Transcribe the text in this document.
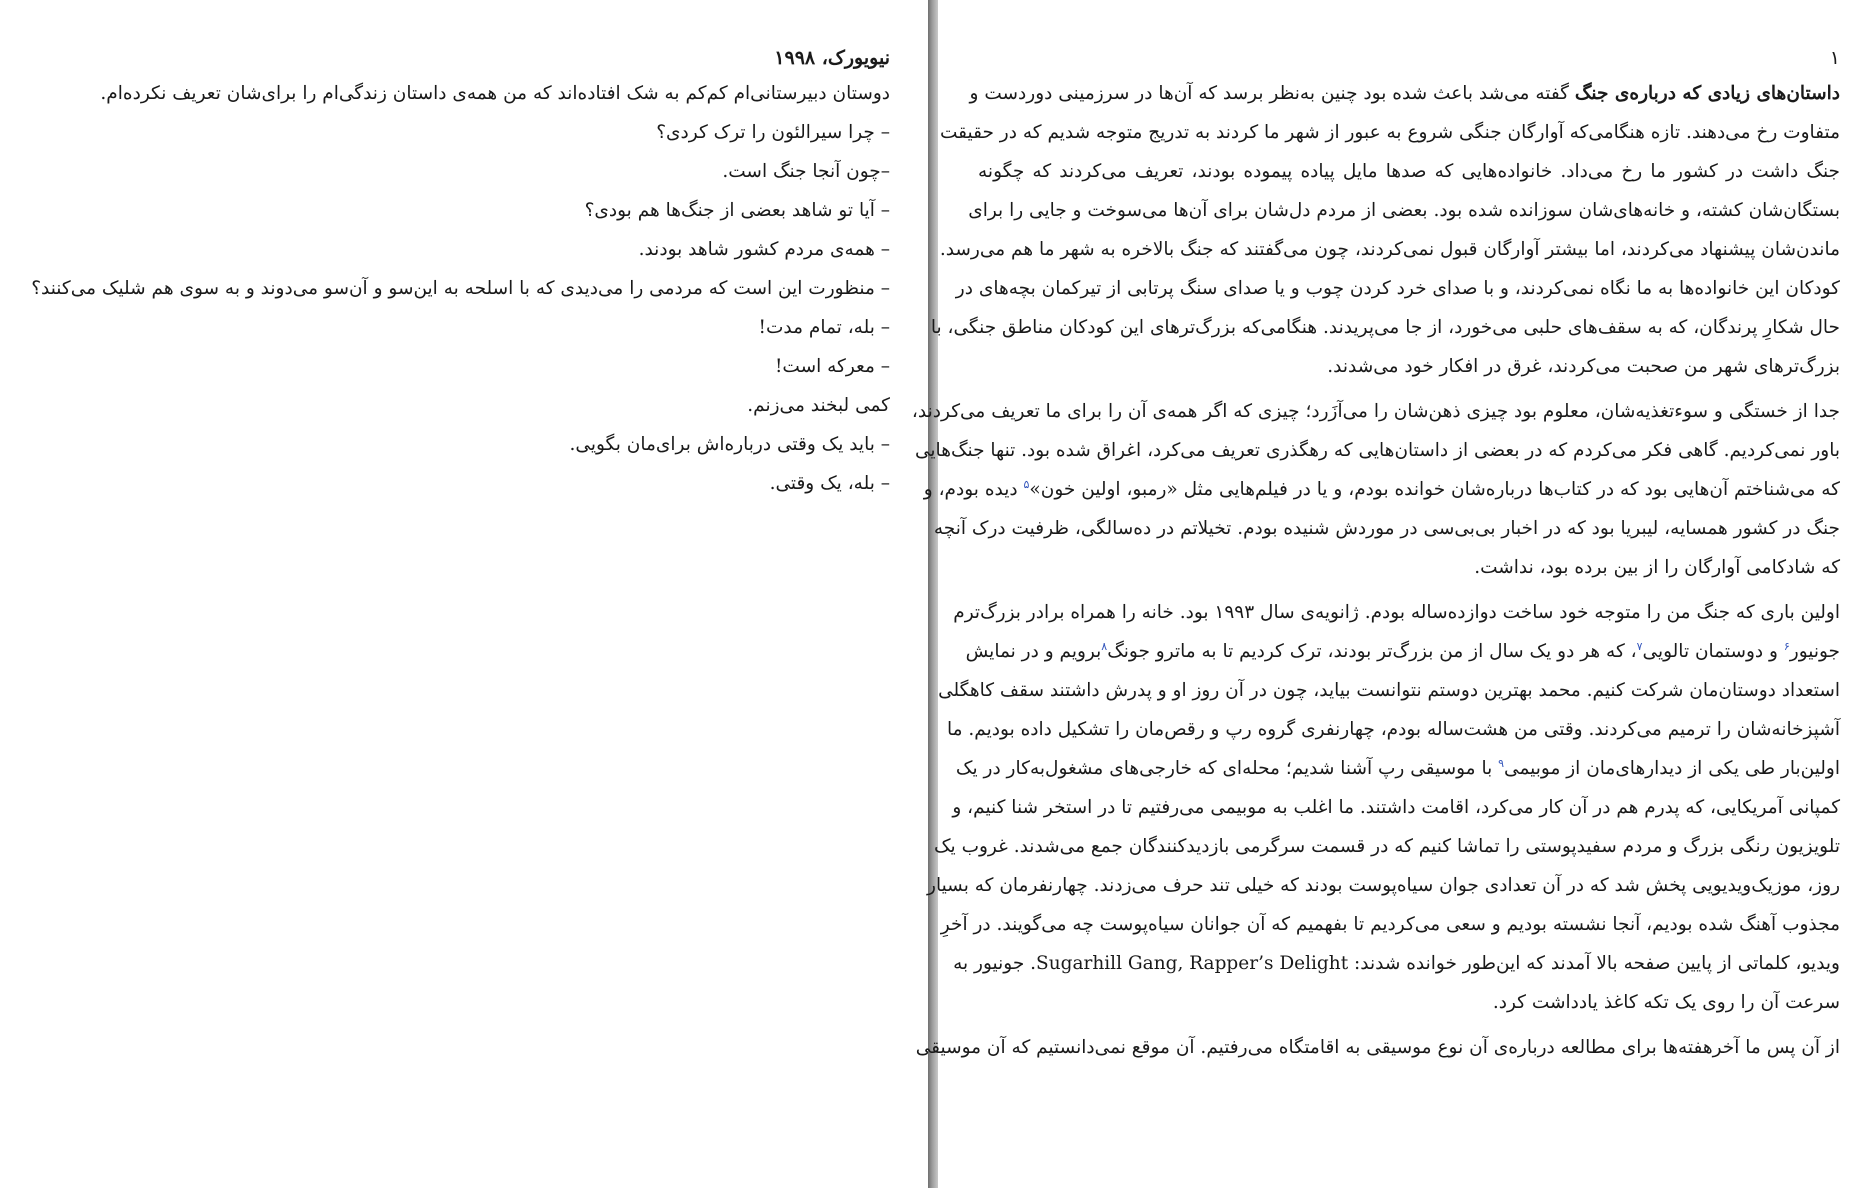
نیویورک، ۱۹۹۸
دوستان دبیرستانی‌ام کم‌کم به شک افتاده‌اند که من همه‌ی داستان زندگی‌ام را برای‌شان تعریف نکرده‌ام.
– چرا سیرالئون را ترک کردی؟
–چون آنجا جنگ است.
– آیا تو شاهد بعضی از جنگ‌ها هم بودی؟
– همه‌ی مردم کشور شاهد بودند.
– منظورت این است که مردمی را می‌دیدی که با اسلحه به این‌سو و آن‌سو می‌دوند و به سوی هم شلیک می‌کنند؟
– بله، تمام مدت!
– معرکه است!
کمی لبخند می‌زنم.
– باید یک وقتی درباره‌اش برای‌مان بگویی.
– بله، یک وقتی.
۱
داستان‌های زیادی که درباره‌ی جنگ گفته می‌شد باعث شده بود چنین به‌نظر برسد که آن‌ها در سرزمینی دوردست و
متفاوت رخ می‌دهند. تازه هنگامی‌که آوارگان جنگی شروع به عبور از شهر ما کردند به تدریج متوجه شدیم که در حقیقت
جنگ داشت در کشور ما رخ می‌داد. خانواده‌هایی که صدها مایل پیاده پیموده بودند، تعریف می‌کردند که چگونه
بستگان‌شان کشته، و خانه‌های‌شان سوزانده شده بود. بعضی از مردم دل‌شان برای آن‌ها می‌سوخت و جایی را برای
ماندن‌شان پیشنهاد می‌کردند، اما بیشتر آوارگان قبول نمی‌کردند، چون می‌گفتند که جنگ بالاخره به شهر ما هم می‌رسد.
کودکان این خانواده‌ها به ما نگاه نمی‌کردند، و با صدای خرد کردن چوب و یا صدای سنگ پرتابی از تیرکمان بچه‌های در
حال شکارِ پرندگان، که به سقف‌های حلبی می‌خورد، از جا می‌پریدند. هنگامی‌که بزرگ‌ترهای این کودکان مناطق جنگی، با
بزرگ‌ترهای شهر من صحبت می‌کردند، غرق در افکار خود می‌شدند.
جدا از خستگی و سوءتغذیه‌شان، معلوم بود چیزی ذهن‌شان را می‌آزَرد؛ چیزی که اگر همه‌ی آن را برای ما تعریف می‌کردند،
باور نمی‌کردیم. گاهی فکر می‌کردم که در بعضی از داستان‌هایی که رهگذری تعریف می‌کرد، اغراق شده بود. تنها جنگ‌هایی
که می‌شناختم آن‌هایی بود که در کتاب‌ها درباره‌شان خوانده بودم، و یا در فیلم‌هایی مثل «رمبو، اولین خون»$^۵$ دیده بودم، و
جنگ در کشور همسایه، لیبریا بود که در اخبار بی‌بی‌سی در موردش شنیده بودم. تخیلاتم در ده‌سالگی، ظرفیت درک آنچه
که شادکامی آوارگان را از بین برده بود، نداشت.
اولین باری که جنگ من را متوجه خود ساخت دوازده‌ساله بودم. ژانویه‌ی سال ۱۹۹۳ بود. خانه را همراه برادر بزرگ‌ترم
جونیور$^۶$ و دوستمان تالویی$^۷$، که هر دو یک سال از من بزرگ‌تر بودند، ترک کردیم تا به ماترو جونگ$^۸$برویم و در نمایش
استعداد دوستان‌مان شرکت کنیم. محمد بهترین دوستم نتوانست بیاید، چون در آن روز او و پدرش داشتند سقف کاهگلی
آشپزخانه‌شان را ترمیم می‌کردند. وقتی من هشت‌ساله بودم، چهارنفری گروه رپ و رقص‌مان را تشکیل داده بودیم. ما
اولین‌بار طی یکی از دیدارهای‌مان از موبیمی$^۹$ با موسیقی رپ آشنا شدیم؛ محله‌ای که خارجی‌های مشغول‌به‌کار در یک
کمپانی آمریکایی، که پدرم هم در آن کار می‌کرد، اقامت داشتند. ما اغلب به موبیمی می‌رفتیم تا در استخر شنا کنیم، و
تلویزیون رنگی بزرگ و مردم سفیدپوستی را تماشا کنیم که در قسمت سرگرمی بازدیدکنندگان جمع می‌شدند. غروب یک
روز، موزیک‌ویدیویی پخش شد که در آن تعدادی جوان سیاه‌پوست بودند که خیلی تند حرف می‌زدند. چهارنفرمان که بسیار
مجذوب آهنگ شده بودیم، آنجا نشسته بودیم و سعی می‌کردیم تا بفهمیم که آن جوانان سیاه‌پوست چه می‌گویند. در آخرِ
ویدیو، کلماتی از پایین صفحه بالا آمدند که این‌طور خوانده شدند: Sugarhill Gang, Rapper’s Delight. جونیور به
سرعت آن را روی یک تکه کاغذ یادداشت کرد.
از آن پس ما آخرهفته‌ها برای مطالعه درباره‌ی آن نوع موسیقی به اقامتگاه می‌رفتیم. آن موقع نمی‌دانستیم که آن موسیقی
